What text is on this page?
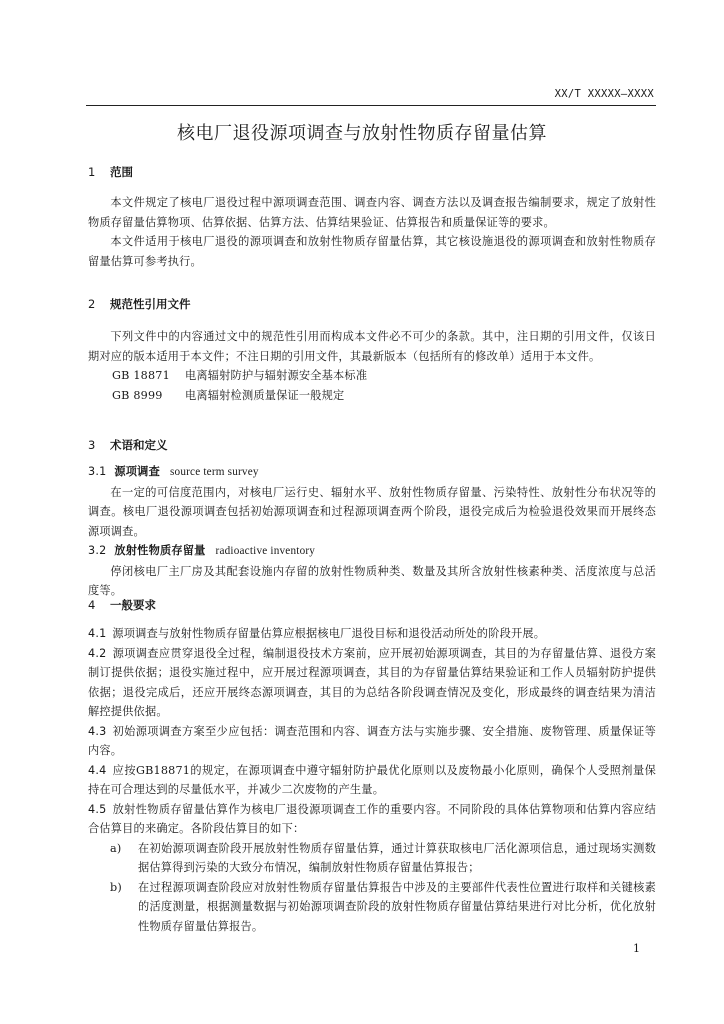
XX/T XXXXX—XXXX
核电厂退役源项调查与放射性物质存留量估算
1 范围

本文件规定了核电厂退役过程中源项调查范围、调查内容、调查方法以及调查报告编制要求，规定了放射性物质存留量估算物项、估算依据、估算方法、估算结果验证、估算报告和质量保证等的要求。

本文件适用于核电厂退役的源项调查和放射性物质存留量估算，其它核设施退役的源项调查和放射性物质存留量估算可参考执行。

2 规范性引用文件

下列文件中的内容通过文中的规范性引用而构成本文件必不可少的条款。其中，注日期的引用文件，仅该日期对应的版本适用于本文件；不注日期的引用文件，其最新版本（包括所有的修改单）适用于本文件。

GB 18871 电离辐射防护与辐射源安全基本标准

GB 8999 电离辐射检测质量保证一般规定

3 术语和定义

3.1 源项调查 source term survey

在一定的可信度范围内，对核电厂运行史、辐射水平、放射性物质存留量、污染特性、放射性分布状况等的调查。核电厂退役源项调查包括初始源项调查和过程源项调查两个阶段，退役完成后为检验退役效果而开展终态源项调查。

3.2 放射性物质存留量 radioactive inventory

停闭核电厂主厂房及其配套设施内存留的放射性物质种类、数量及其所含放射性核素种类、活度浓度与总活度等。

4 一般要求

4.1 源项调查与放射性物质存留量估算应根据核电厂退役目标和退役活动所处的阶段开展。

4.2 源项调查应贯穿退役全过程，编制退役技术方案前，应开展初始源项调查，其目的为存留量估算、退役方案制订提供依据；退役实施过程中，应开展过程源项调查，其目的为存留量估算结果验证和工作人员辐射防护提供依据；退役完成后，还应开展终态源项调查，其目的为总结各阶段调查情况及变化，形成最终的调查结果为清洁解控提供依据。

4.3 初始源项调查方案至少应包括：调查范围和内容、调查方法与实施步骤、安全措施、废物管理、质量保证等内容。

4.4 应按GB18871的规定，在源项调查中遵守辐射防护最优化原则以及废物最小化原则，确保个人受照剂量保持在可合理达到的尽量低水平，并减少二次废物的产生量。

4.5 放射性物质存留量估算作为核电厂退役源项调查工作的重要内容。不同阶段的具体估算物项和估算内容应结合估算目的来确定。各阶段估算目的如下：

a) 在初始源项调查阶段开展放射性物质存留量估算，通过计算获取核电厂活化源项信息，通过现场实测数据估算得到污染的大致分布情况，编制放射性物质存留量估算报告；

b) 在过程源项调查阶段应对放射性物质存留量估算报告中涉及的主要部件代表性位置进行取样和关键核素的活度测量，根据测量数据与初始源项调查阶段的放射性物质存留量估算结果进行对比分析，优化放射性物质存留量估算报告。

1
